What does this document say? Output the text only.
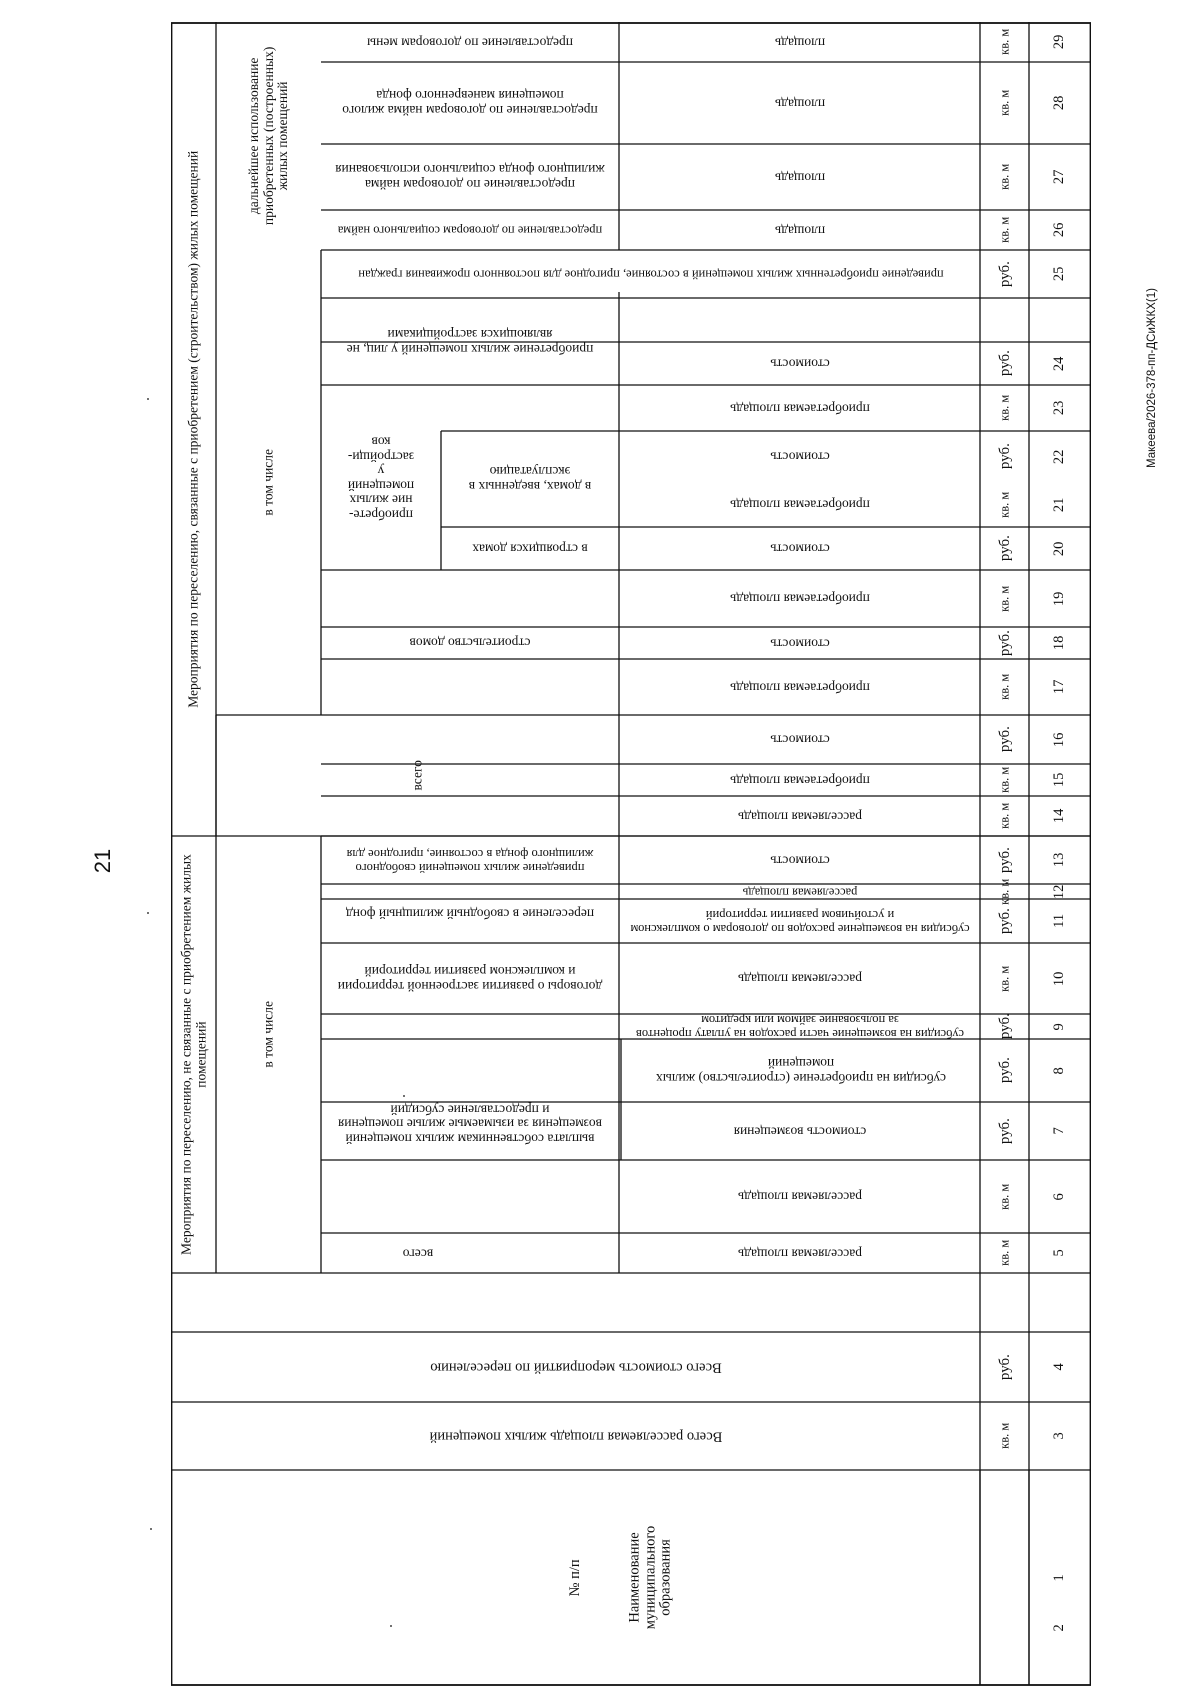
21
Макеева/2026-378-пп-ДСиЖКХ(1)
Мероприятия по переселению, не связанные с приобретением жилых помещений
Мероприятия по переселению, связанные с приобретением (строительством) жилых помещений
№ п/п	Наименование муниципального образования
Всего расселяемая площадь жилых помещений
Всего стоимость мероприятий по переселению
всего
в том числе
выплата собственникам жилых помещений возмещения за изымаемые жилые помещения и предоставление субсидий
договоры о развитии застроенной территории и комплексном развитии территорий
переселение в свободный жилищный фонд
приведение жилых помещений свободного жилищного фонда в состояние, пригодное для
всего
в том числе
дальнейшее использование приобретенных (построенных) жилых помещений
строительство домов
приобрете-ние жилых помещений у застройщи-ков
в строящихся домах
в домах, введенных в эксплуатацию
приобретение жилых помещений у лиц, не являющихся застройщиками
приведение приобретенных жилых помещений в состояние, пригодное для постоянного проживания граждан
предоставление по договорам социального найма
предоставление по договорам найма жилищного фонда социального использования
предоставление по договорам найма жилого помещения маневренного фонда
предоставление по договорам мены
расселяемая площадь
расселяемая площадь
стоимость возмещения
субсидия на приобретение (строительство) жилых помещений
субсидия на возмещение части расходов на уплату процентов за пользование займом или кредитом
расселяемая площадь
субсидия на возмещение расходов по договорам о комплексном и устойчивом развитии территорий
расселяемая площадь
стоимость
расселяемая площадь
приобретаемая площадь
стоимость
приобретаемая площадь
стоимость
приобретаемая площадь
стоимость
приобретаемая площадь
стоимость
приобретаемая площадь
стоимость
площадь
площадь
площадь
площадь
кв. м
руб.
кв. м
кв. м
руб.
руб.
руб.
кв. м
руб.
кв. м
руб.
кв. м
кв. м
руб.
кв. м
руб.
кв. м
руб.
кв. м
руб.
кв. м
руб.
руб.
кв. м
кв. м
кв. м
кв. м
1
2
3
4
5
6
7
8
9
10
11
12
13
14
15
16
17
18
19
20
21
22
23
24
25
26
27
28
29
